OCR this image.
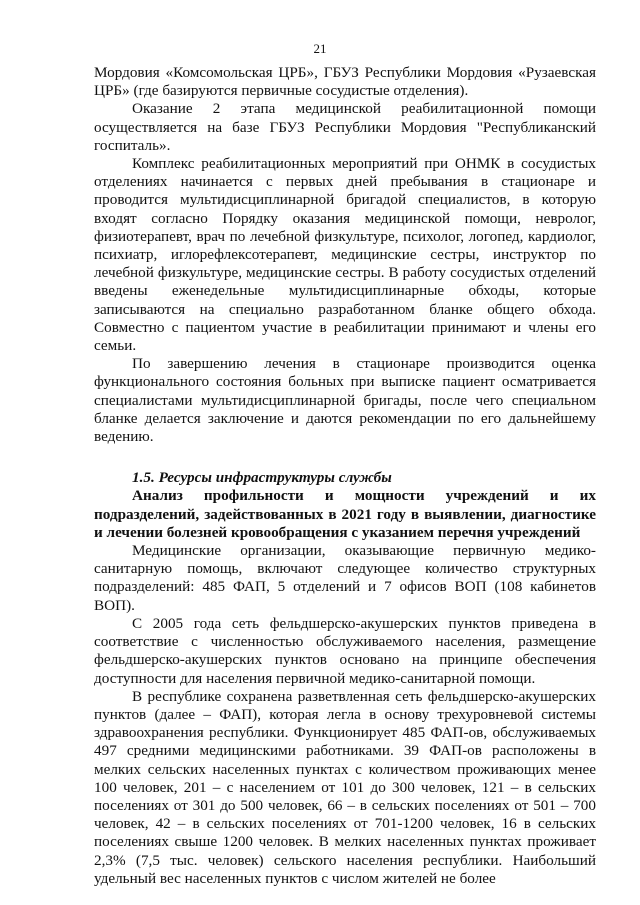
21

Мордовия «Комсомольская ЦРБ», ГБУЗ Республики Мордовия «Рузаевская ЦРБ» (где базируются первичные сосудистые отделения).

Оказание 2 этапа медицинской реабилитационной помощи осуществляется на базе ГБУЗ Республики Мордовия "Республиканский госпиталь».

Комплекс реабилитационных мероприятий при ОНМК в сосудистых отделениях начинается с первых дней пребывания в стационаре и проводится мультидисциплинарной бригадой специалистов, в которую входят согласно Порядку оказания медицинской помощи, невролог, физиотерапевт, врач по лечебной физкультуре, психолог, логопед, кардиолог, психиатр, иглорефлексотерапевт, медицинские сестры, инструктор по лечебной физкультуре, медицинские сестры. В работу сосудистых отделений введены еженедельные мультидисциплинарные обходы, которые записываются на специально разработанном бланке общего обхода. Совместно с пациентом участие в реабилитации принимают и члены его семьи.

По завершению лечения в стационаре производится оценка функционального состояния больных при выписке пациент осматривается специалистами мультидисциплинарной бригады, после чего специальном бланке делается заключение и даются рекомендации по его дальнейшему ведению.

1.5. Ресурсы инфраструктуры службы

Анализ профильности и мощности учреждений и их подразделений, задействованных в 2021 году в выявлении, диагностике и лечении болезней кровообращения с указанием перечня учреждений

Медицинские организации, оказывающие первичную медико-санитарную помощь, включают следующее количество структурных подразделений: 485 ФАП, 5 отделений и 7 офисов ВОП (108 кабинетов ВОП).

С 2005 года сеть фельдшерско-акушерских пунктов приведена в соответствие с численностью обслуживаемого населения, размещение фельдшерско-акушерских пунктов основано на принципе обеспечения доступности для населения первичной медико-санитарной помощи.

В республике сохранена разветвленная сеть фельдшерско-акушерских пунктов (далее – ФАП), которая легла в основу трехуровневой системы здравоохранения республики. Функционирует 485 ФАП-ов, обслуживаемых 497 средними медицинскими работниками. 39 ФАП-ов расположены в мелких сельских населенных пунктах с количеством проживающих менее 100 человек, 201 – с населением от 101 до 300 человек, 121 – в сельских поселениях от 301 до 500 человек, 66 – в сельских поселениях от 501 – 700 человек, 42 – в сельских поселениях от 701-1200 человек, 16 в сельских поселениях свыше 1200 человек. В мелких населенных пунктах проживает 2,3% (7,5 тыс. человек) сельского населения республики. Наибольший удельный вес населенных пунктов с числом жителей не более
